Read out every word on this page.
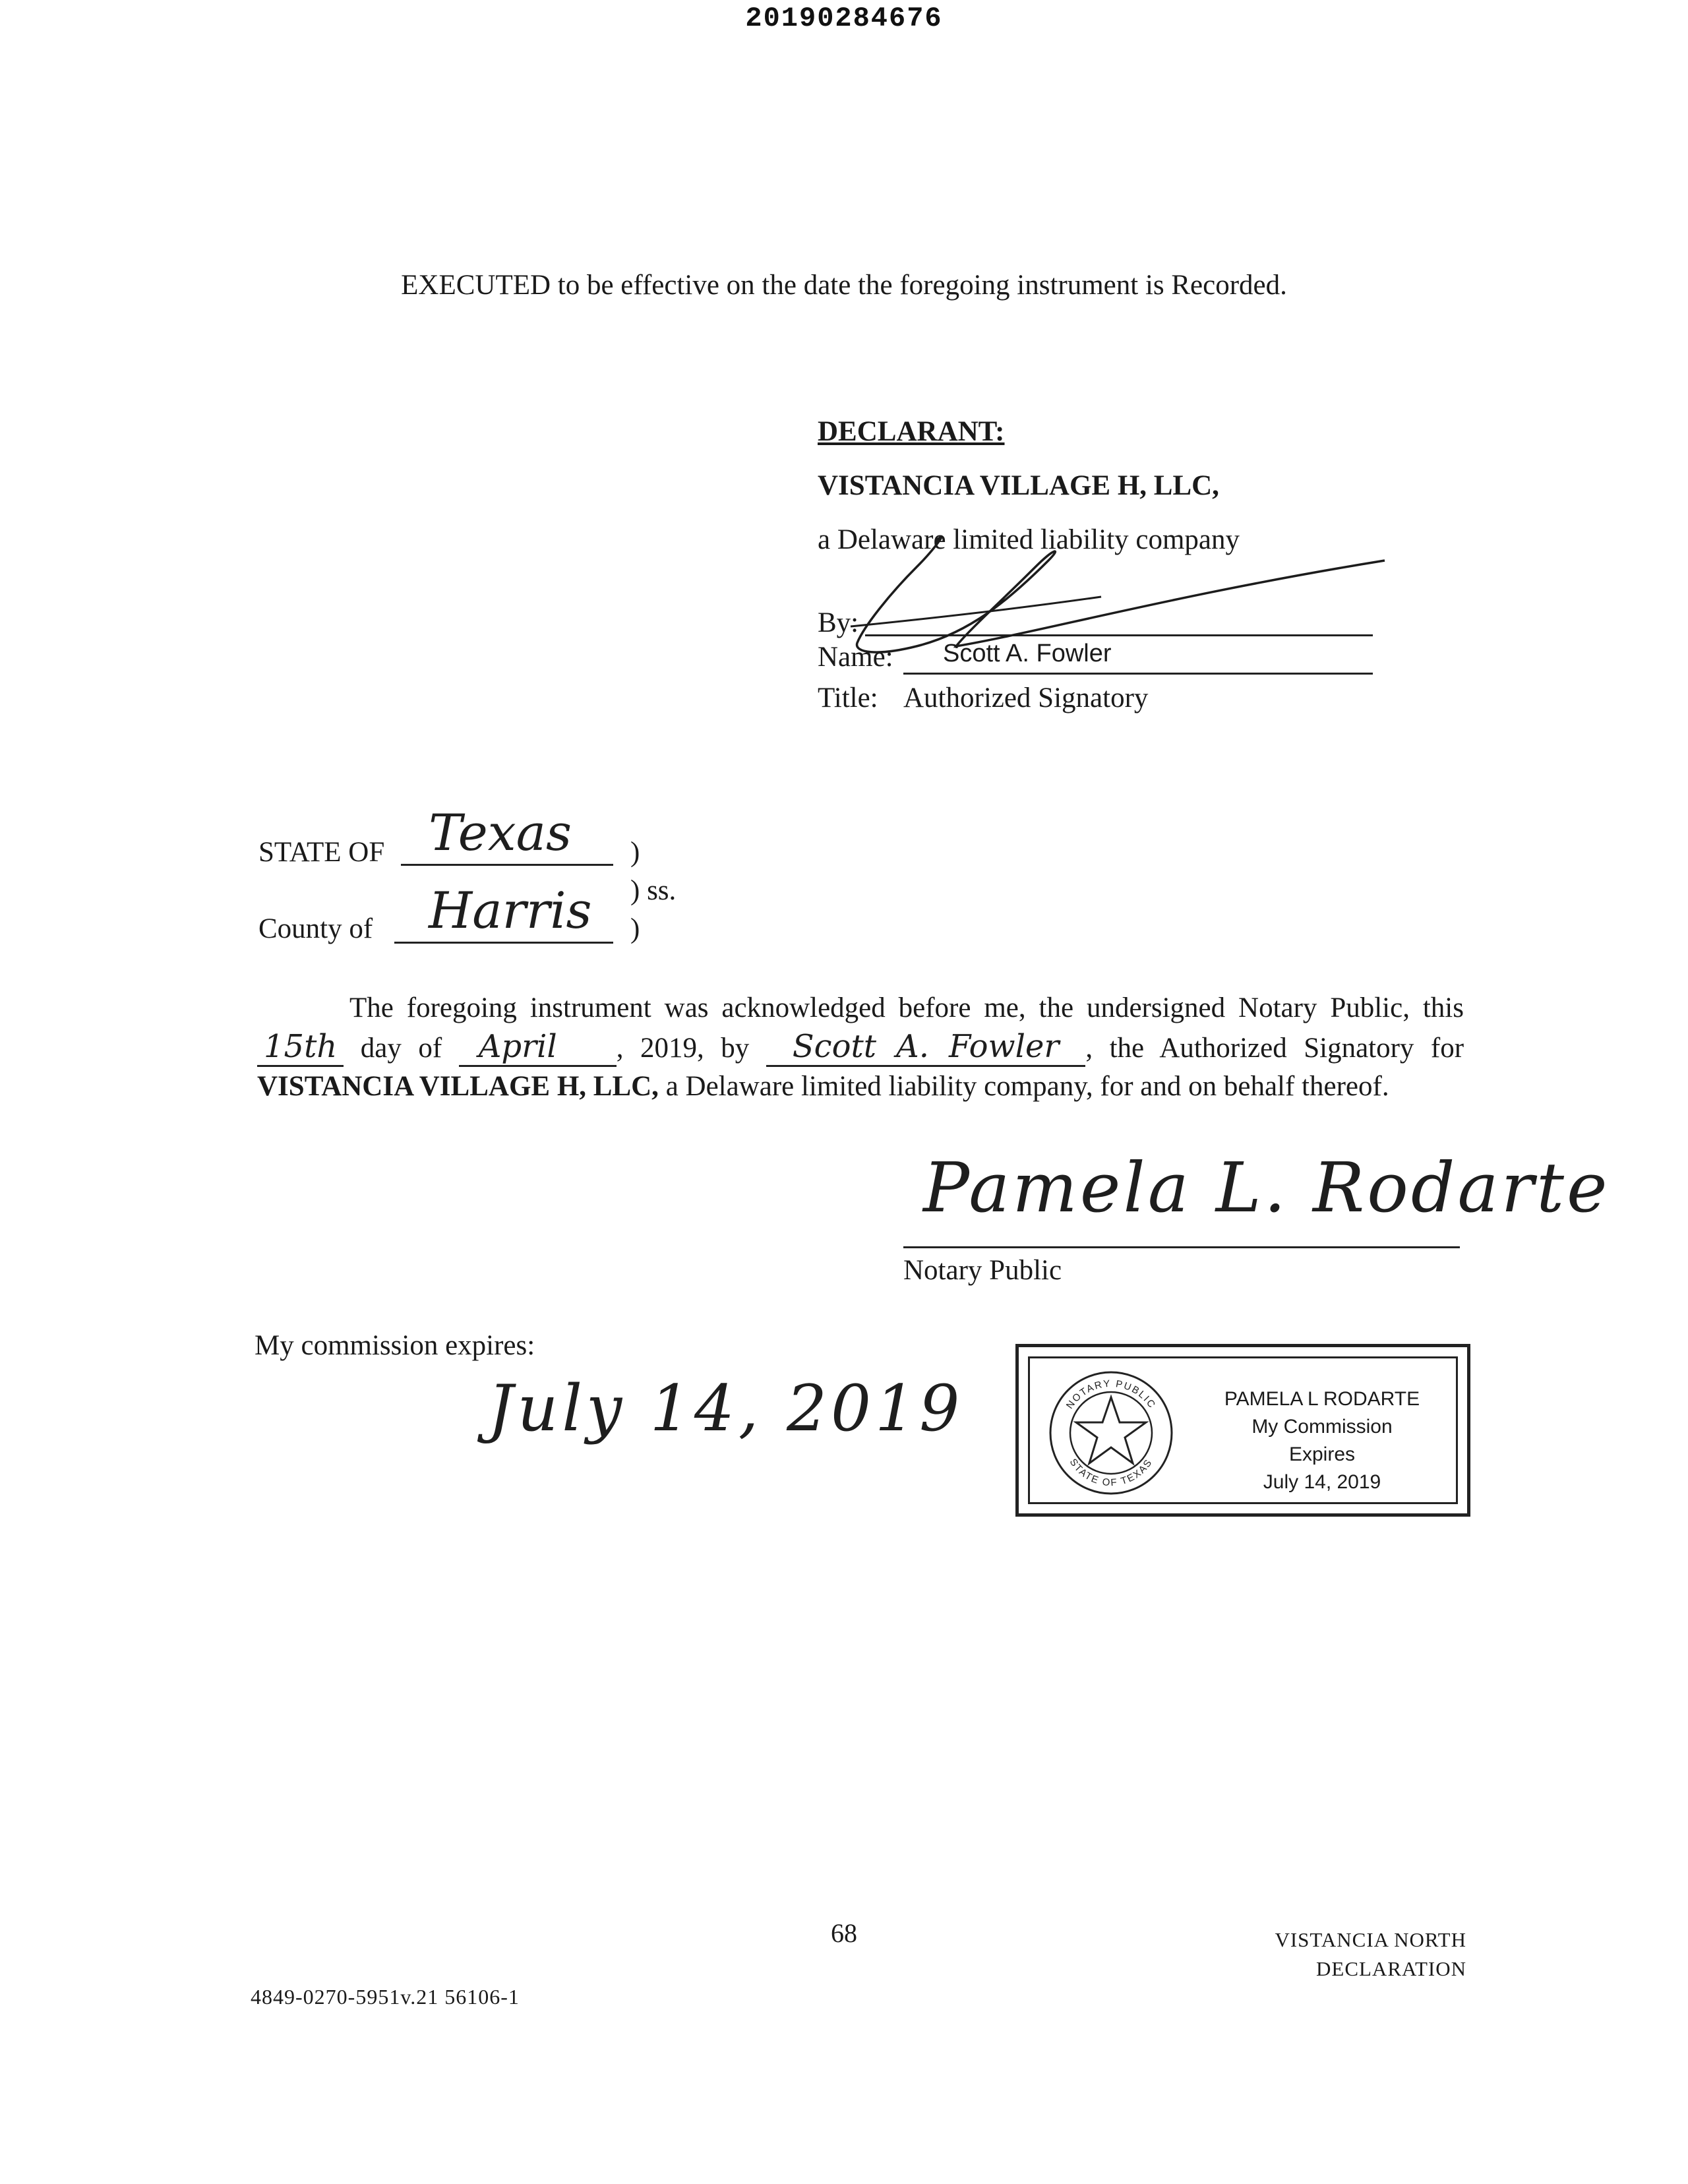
20190284676
EXECUTED to be effective on the date the foregoing instrument is Recorded.
DECLARANT:
VISTANCIA VILLAGE H, LLC,
a Delaware limited liability company
By:
Name: Scott A. Fowler
Title: Authorized Signatory
STATE OF Texas )
) ss.
County of Harris )
The foregoing instrument was acknowledged before me, the undersigned Notary Public, this 15th day of April , 2019, by Scott A. Fowler , the Authorized Signatory for VISTANCIA VILLAGE H, LLC, a Delaware limited liability company, for and on behalf thereof.
Pamela L. Rodarte
Notary Public
My commission expires:
July 14, 2019	NOTARY PUBLIC
STATE OF TEXAS
PAMELA L RODARTE
My Commission Expires
July 14, 2019
68	VISTANCIA NORTH
DECLARATION
4849-0270-5951v.21 56106-1
